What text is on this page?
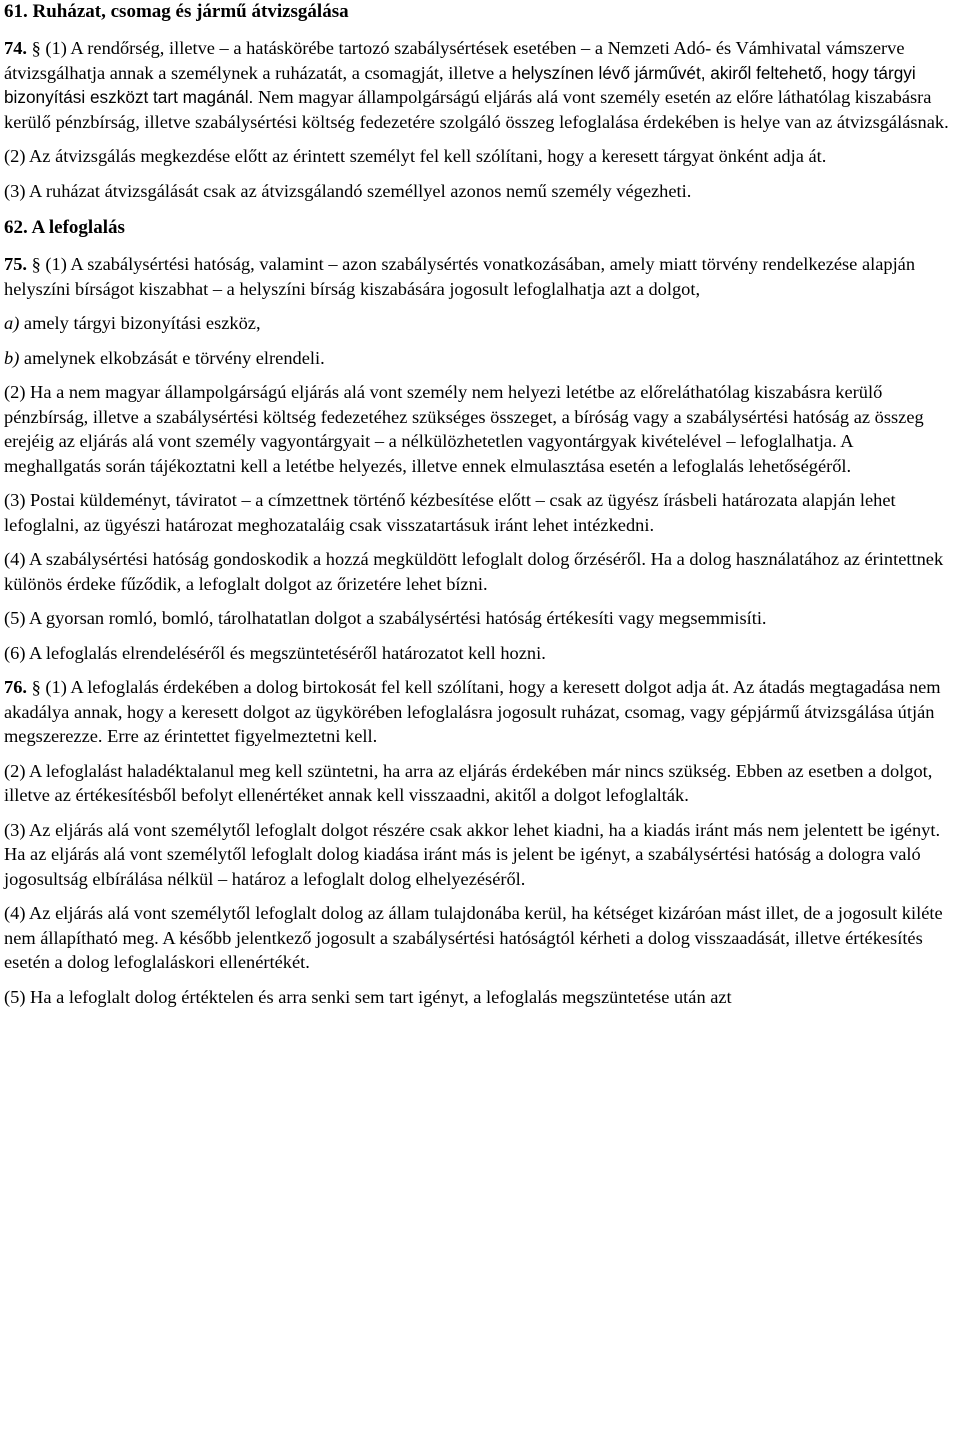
61. Ruházat, csomag és jármű átvizsgálása

74. § (1) A rendőrség, illetve – a hatáskörébe tartozó szabálysértések esetében – a Nemzeti Adó- és Vámhivatal vámszerve átvizsgálhatja annak a személynek a ruházatát, a csomagját, illetve a helyszínen lévő járművét, akiről feltehető, hogy tárgyi bizonyítási eszközt tart magánál. Nem magyar állampolgárságú eljárás alá vont személy esetén az előre láthatólag kiszabásra kerülő pénzbírság, illetve szabálysértési költség fedezetére szolgáló összeg lefoglalása érdekében is helye van az átvizsgálásnak.

(2) Az átvizsgálás megkezdése előtt az érintett személyt fel kell szólítani, hogy a keresett tárgyat önként adja át.

(3) A ruházat átvizsgálását csak az átvizsgálandó személlyel azonos nemű személy végezheti.

62. A lefoglalás

75. § (1) A szabálysértési hatóság, valamint – azon szabálysértés vonatkozásában, amely miatt törvény rendelkezése alapján helyszíni bírságot kiszabhat – a helyszíni bírság kiszabására jogosult lefoglalhatja azt a dolgot,

a) amely tárgyi bizonyítási eszköz,

b) amelynek elkobzását e törvény elrendeli.

(2) Ha a nem magyar állampolgárságú eljárás alá vont személy nem helyezi letétbe az előreláthatólag kiszabásra kerülő pénzbírság, illetve a szabálysértési költség fedezetéhez szükséges összeget, a bíróság vagy a szabálysértési hatóság az összeg erejéig az eljárás alá vont személy vagyontárgyait – a nélkülözhetetlen vagyontárgyak kivételével – lefoglalhatja. A meghallgatás során tájékoztatni kell a letétbe helyezés, illetve ennek elmulasztása esetén a lefoglalás lehetőségéről.

(3) Postai küldeményt, táviratot – a címzettnek történő kézbesítése előtt – csak az ügyész írásbeli határozata alapján lehet lefoglalni, az ügyészi határozat meghozataláig csak visszatartásuk iránt lehet intézkedni.

(4) A szabálysértési hatóság gondoskodik a hozzá megküldött lefoglalt dolog őrzéséről. Ha a dolog használatához az érintettnek különös érdeke fűződik, a lefoglalt dolgot az őrizetére lehet bízni.

(5) A gyorsan romló, bomló, tárolhatatlan dolgot a szabálysértési hatóság értékesíti vagy megsemmisíti.

(6) A lefoglalás elrendeléséről és megszüntetéséről határozatot kell hozni.

76. § (1) A lefoglalás érdekében a dolog birtokosát fel kell szólítani, hogy a keresett dolgot adja át. Az átadás megtagadása nem akadálya annak, hogy a keresett dolgot az ügykörében lefoglalásra jogosult ruházat, csomag, vagy gépjármű átvizsgálása útján megszerezze. Erre az érintettet figyelmeztetni kell.

(2) A lefoglalást haladéktalanul meg kell szüntetni, ha arra az eljárás érdekében már nincs szükség. Ebben az esetben a dolgot, illetve az értékesítésből befolyt ellenértéket annak kell visszaadni, akitől a dolgot lefoglalták.

(3) Az eljárás alá vont személytől lefoglalt dolgot részére csak akkor lehet kiadni, ha a kiadás iránt más nem jelentett be igényt. Ha az eljárás alá vont személytől lefoglalt dolog kiadása iránt más is jelent be igényt, a szabálysértési hatóság a dologra való jogosultság elbírálása nélkül – határoz a lefoglalt dolog elhelyezéséről.

(4) Az eljárás alá vont személytől lefoglalt dolog az állam tulajdonába kerül, ha kétséget kizáróan mást illet, de a jogosult kiléte nem állapítható meg. A később jelentkező jogosult a szabálysértési hatóságtól kérheti a dolog visszaadását, illetve értékesítés esetén a dolog lefoglaláskori ellenértékét.

(5) Ha a lefoglalt dolog értéktelen és arra senki sem tart igényt, a lefoglalás megszüntetése után azt
